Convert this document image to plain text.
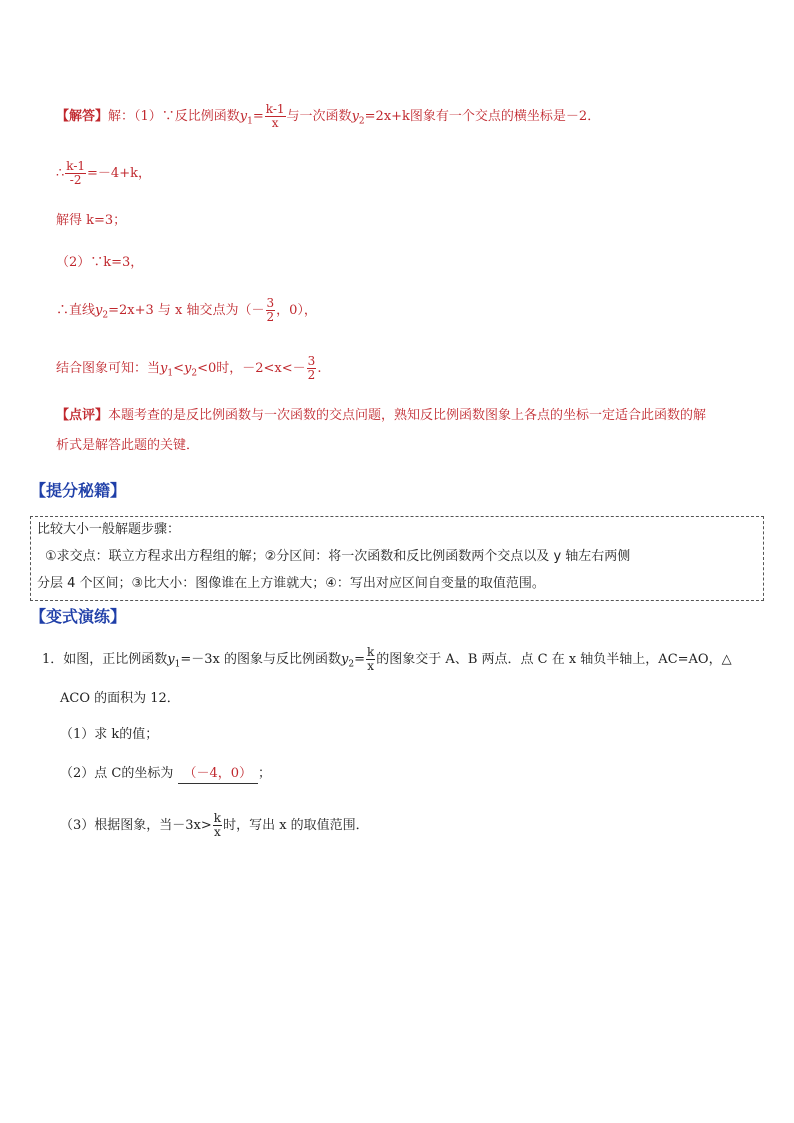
【解答】解：（1）∵反比例函数$y_1= \frac{k-1}{x}$ 与一次函数$y_2=2x+k$图象有一个交点的横坐标是－2．
∴ $\frac{k-1}{-2} =-4+k$，
解得 k=3；
（2）∵k=3，
∴直线$y_2=2x+3$ 与 x 轴交点为（－ $\frac{3}{2}$ ，0），
结合图象可知：当$y_1<y_2<0$时，$-2<x<- \frac{3}{2}$ .
【点评】本题考查的是反比例函数与一次函数的交点问题，熟知反比例函数图象上各点的坐标一定适合此函数的解
析式是解答此题的关键．
【提分秘籍】
比较大小一般解题步骤：
①求交点：联立方程求出方程组的解；②分区间：将一次函数和反比例函数两个交点以及 y 轴左右两侧
分层 4 个区间；③比大小：图像谁在上方谁就大；④：写出对应区间自变量的取值范围。
【变式演练】
1．如图，正比例函数$y_1=-3x$ 的图象与反比例函数$y_2= \frac{k}{x}$ 的图象交于 A、B 两点．点 C 在 x 轴负半轴上，AC=AO，△
ACO 的面积为 12．
（1）求 k的值；
（2）点 C的坐标为 （－4，0） ；
（3）根据图象，当$-3x> \frac{k}{x}$ 时，写出 x 的取值范围．
